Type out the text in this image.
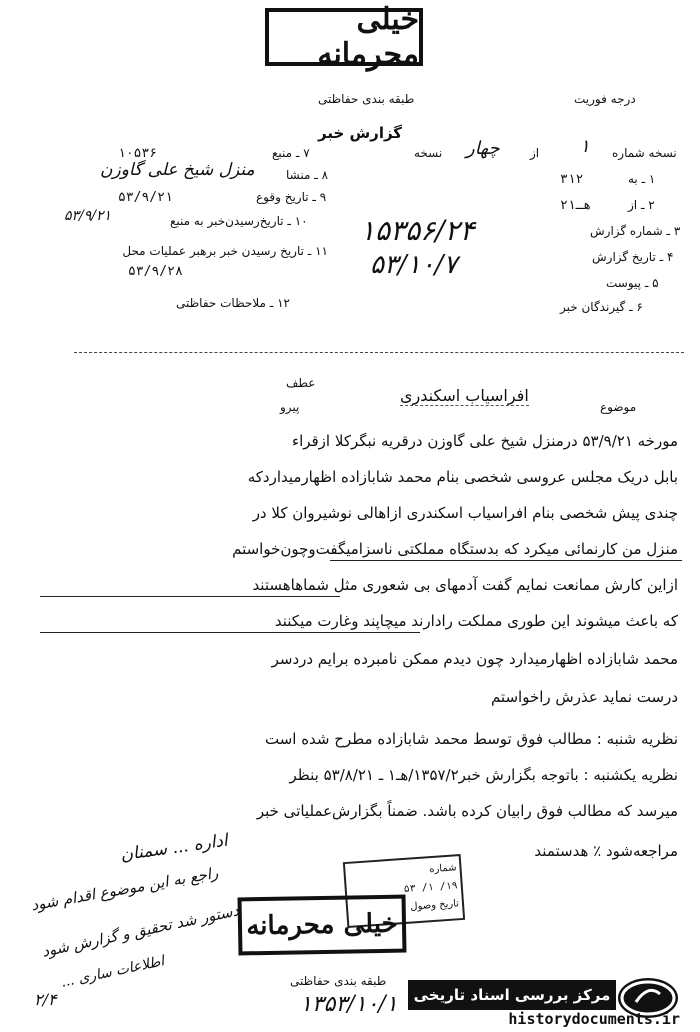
خیلی محرمانه
درجه فوریت
طبقه بندی حفاظتی
گزارش خبر
۷ ـ منبع
۱۰۵۳۶
۸ ـ منشا
منزل شیخ علی گاوزن
۹ ـ تاریخ وقوع
۵۳/۹/۲۱
۱۰ ـ تاریخ‌رسیدن‌خبر به منبع
۵۳/۹/۲۱
۱۱ ـ تاریخ رسیدن خبر برهبر عملیات محل
۵۳/۹/۲۸
۱۲ ـ ملاحظات حفاظتی
نسخه شماره
۱
از
چهار
نسخه
۱ ـ به
۳۱۲
۲ ـ از
۲هـ۱
۳ ـ شماره گزارش
۱۵۳۵۶/۲۴
۴ ـ تاریخ گزارش
۵۳/۱۰/۷
۵ ـ پیوست
۶ ـ گیرندگان خبر
عطف
پیرو	موضوع
افراسیاب اسکندری
مورخه ۵۳/۹/۲۱ درمنزل شیخ علی گاوزن درقریه نبگرکلا ازقراء
بابل دریک مجلس عروسی شخصی بنام محمد شابازاده اظهارمیداردکه
چندی پیش شخصی بنام افراسیاب اسکندری ازاهالی نوشیروان کلا در
منزل من کارنمائی میکرد که بدستگاه مملکتی ناسزامیگفت‌وچون‌خواستم
ازاین کارش ممانعت نمایم گفت آدمهای بی شعوری مثل شماهاهستند
که باعث میشوند این طوری مملکت رادارند میچاپند وغارت میکنند
محمد شابازاده اظهارمیدارد چون دیدم ممکن نامبرده برایم دردسر
درست نماید عذرش راخواستم
نظریه شنبه : مطالب فوق توسط محمد شابازاده مطرح شده است
نظریه یکشنبه : باتوجه بگزارش خبر۱۳۵۷/۲/هـ۱ ـ ۵۳/۸/۲۱ بنظر
میرسد که مطالب فوق رابیان کرده باشد. ضمناً بگزارش‌عملیاتی خبر
مراجعه‌شود ٪ هدستمند
اداره ... سمنان
راجع به این موضوع اقدام شود
دستور شد تحقیق و گزارش شود
اطلاعات ساری ...
۲/۴
شماره
۱۹/ ۱/ ۵۳
تاریخ وصول
خیلی محرمانه
طبقه بندی حفاظتی
۱۳۵۳/۱۰/۱	مرکز بررسی اسناد تاریخی
historydocuments.ir
